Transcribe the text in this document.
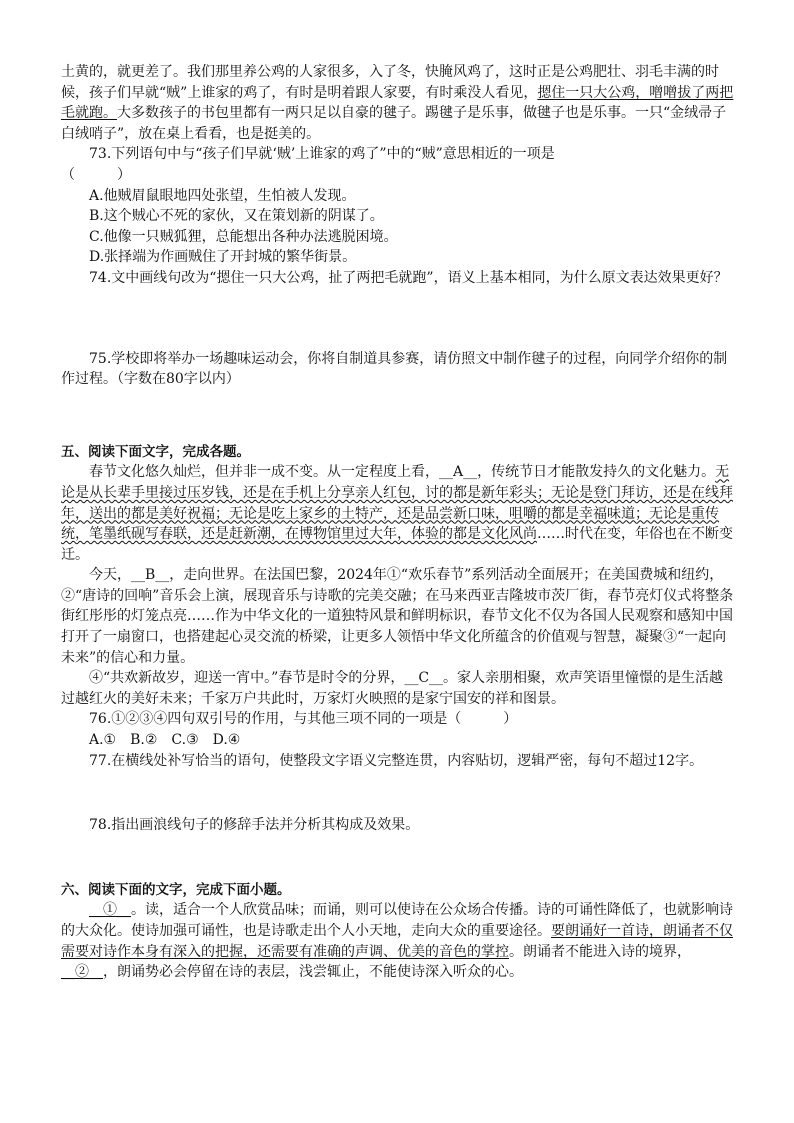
土黄的，就更差了。我们那里养公鸡的人家很多，入了冬，快腌风鸡了，这时正是公鸡肥壮、羽毛丰满的时候，孩子们早就“贼”上谁家的鸡了，有时是明着跟人家要，有时乘没人看见，摁住一只大公鸡，噌噌拔了两把毛就跑。大多数孩子的书包里都有一两只足以自豪的毽子。踢毽子是乐事，做毽子也是乐事。一只“金绒帚子白绒哨子”，放在桌上看看，也是挺美的。

73.下列语句中与“孩子们早就‘贼’上谁家的鸡了”中的“贼”意思相近的一项是

（　　　）

A.他贼眉鼠眼地四处张望，生怕被人发现。

B.这个贼心不死的家伙，又在策划新的阴谋了。

C.他像一只贼狐狸，总能想出各种办法逃脱困境。

D.张择端为作画贼住了开封城的繁华街景。

74.文中画线句改为“摁住一只大公鸡，扯了两把毛就跑”，语义上基本相同，为什么原文表达效果更好？

75.学校即将举办一场趣味运动会，你将自制道具参赛，请仿照文中制作毽子的过程，向同学介绍你的制作过程。（字数在80字以内）

五、阅读下面文字，完成各题。

春节文化悠久灿烂，但并非一成不变。从一定程度上看，__A__，传统节日才能散发持久的文化魅力。无论是从长辈手里接过压岁钱，还是在手机上分享亲人红包，讨的都是新年彩头；无论是登门拜访，还是在线拜年，送出的都是美好祝福；无论是吃上家乡的土特产，还是品尝新口味，咀嚼的都是幸福味道；无论是重传统，笔墨纸砚写春联，还是赶新潮，在博物馆里过大年，体验的都是文化风尚……时代在变，年俗也在不断变迁。

今天，__B__，走向世界。在法国巴黎，2024年①“欢乐春节”系列活动全面展开；在美国费城和纽约，②“唐诗的回响”音乐会上演，展现音乐与诗歌的完美交融；在马来西亚吉隆坡市茨厂街，春节亮灯仪式将整条街红彤彤的灯笼点亮……作为中华文化的一道独特风景和鲜明标识，春节文化不仅为各国人民观察和感知中国打开了一扇窗口，也搭建起心灵交流的桥梁，让更多人领悟中华文化所蕴含的价值观与智慧，凝聚③“一起向未来”的信心和力量。

④“共欢新故岁，迎送一宵中。”春节是时令的分界，__C__。家人亲朋相聚，欢声笑语里憧憬的是生活越过越红火的美好未来；千家万户共此时，万家灯火映照的是家宁国安的祥和图景。

76.①②③④四句双引号的作用，与其他三项不同的一项是（　　　）

A.①　B.②　C.③　D.④

77.在横线处补写恰当的语句，使整段文字语义完整连贯，内容贴切，逻辑严密，每句不超过12字。

78.指出画浪线句子的修辞手法并分析其构成及效果。

六、阅读下面的文字，完成下面小题。

__①__。读，适合一个人欣赏品味；而诵，则可以使诗在公众场合传播。诗的可诵性降低了，也就影响诗的大众化。使诗加强可诵性，也是诗歌走出个人小天地，走向大众的重要途径。要朗诵好一首诗，朗诵者不仅需要对诗作本身有深入的把握，还需要有准确的声调、优美的音色的掌控。朗诵者不能进入诗的境界，__②__，朗诵势必会停留在诗的表层，浅尝辄止，不能使诗深入听众的心。
